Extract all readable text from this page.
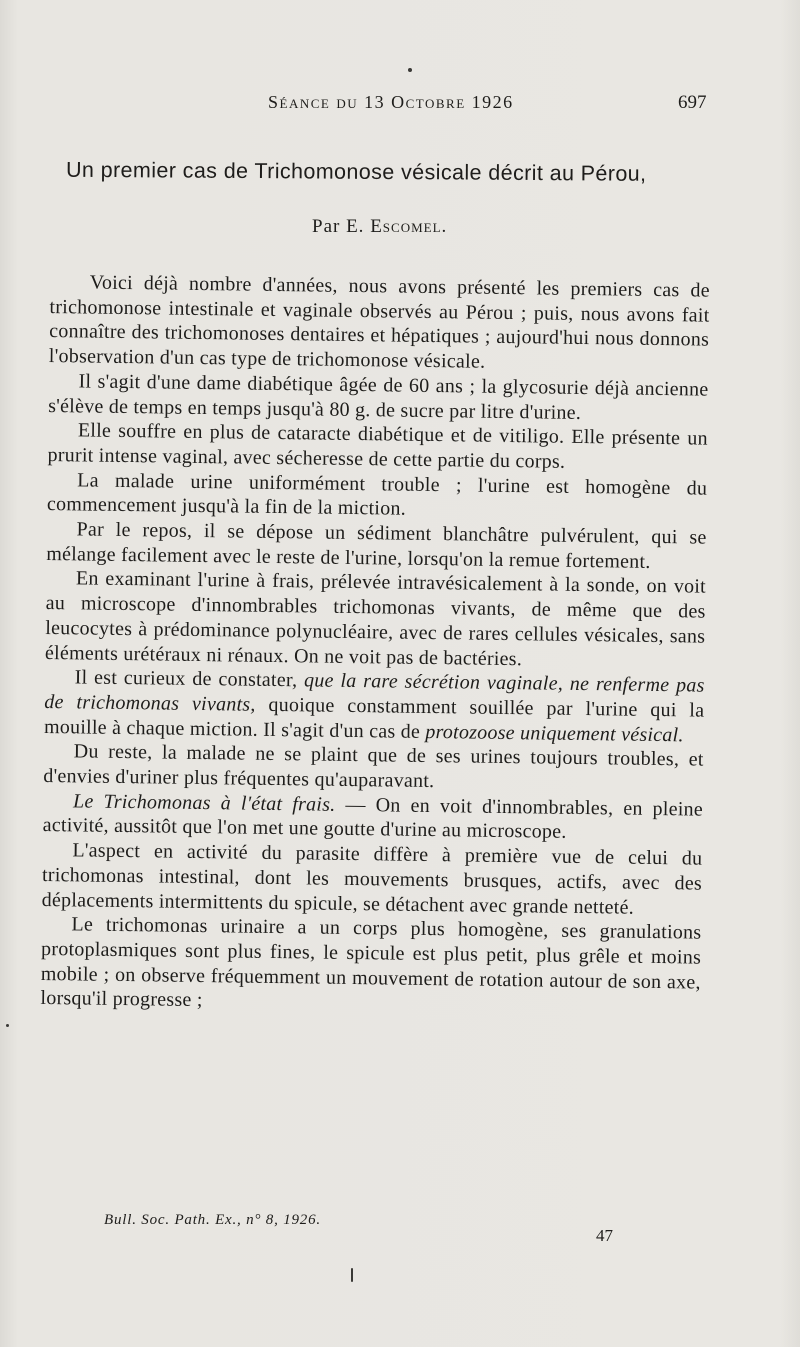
Séance du 13 Octobre 1926	697
Un premier cas de Trichomonose vésicale décrit au Pérou,
Par E. Escomel.

Voici déjà nombre d'années, nous avons présenté les premiers cas de trichomonose intestinale et vaginale observés au Pérou ; puis, nous avons fait connaître des trichomonoses dentaires et hépatiques ; aujourd'hui nous donnons l'observation d'un cas type de trichomonose vésicale.

Il s'agit d'une dame diabétique âgée de 60 ans ; la glycosurie déjà ancienne s'élève de temps en temps jusqu'à 80 g. de sucre par litre d'urine.

Elle souffre en plus de cataracte diabétique et de vitiligo. Elle présente un prurit intense vaginal, avec sécheresse de cette partie du corps.

La malade urine uniformément trouble ; l'urine est homogène du commencement jusqu'à la fin de la miction.

Par le repos, il se dépose un sédiment blanchâtre pulvérulent, qui se mélange facilement avec le reste de l'urine, lorsqu'on la remue fortement.

En examinant l'urine à frais, prélevée intravésicalement à la sonde, on voit au microscope d'innombrables trichomonas vivants, de même que des leucocytes à prédominance polynucléaire, avec de rares cellules vésicales, sans éléments urétéraux ni rénaux. On ne voit pas de bactéries.

Il est curieux de constater, que la rare sécrétion vaginale, ne renferme pas de trichomonas vivants, quoique constamment souillée par l'urine qui la mouille à chaque miction. Il s'agit d'un cas de protozoose uniquement vésical.

Du reste, la malade ne se plaint que de ses urines toujours troubles, et d'envies d'uriner plus fréquentes qu'auparavant.

Le Trichomonas à l'état frais. — On en voit d'innombrables, en pleine activité, aussitôt que l'on met une goutte d'urine au microscope.

L'aspect en activité du parasite diffère à première vue de celui du trichomonas intestinal, dont les mouvements brusques, actifs, avec des déplacements intermittents du spicule, se détachent avec grande netteté.

Le trichomonas urinaire a un corps plus homogène, ses granulations protoplasmiques sont plus fines, le spicule est plus petit, plus grêle et moins mobile ; on observe fréquemment un mouvement de rotation autour de son axe, lorsqu'il progresse ;

Bull. Soc. Path. Ex., n° 8, 1926.
47
